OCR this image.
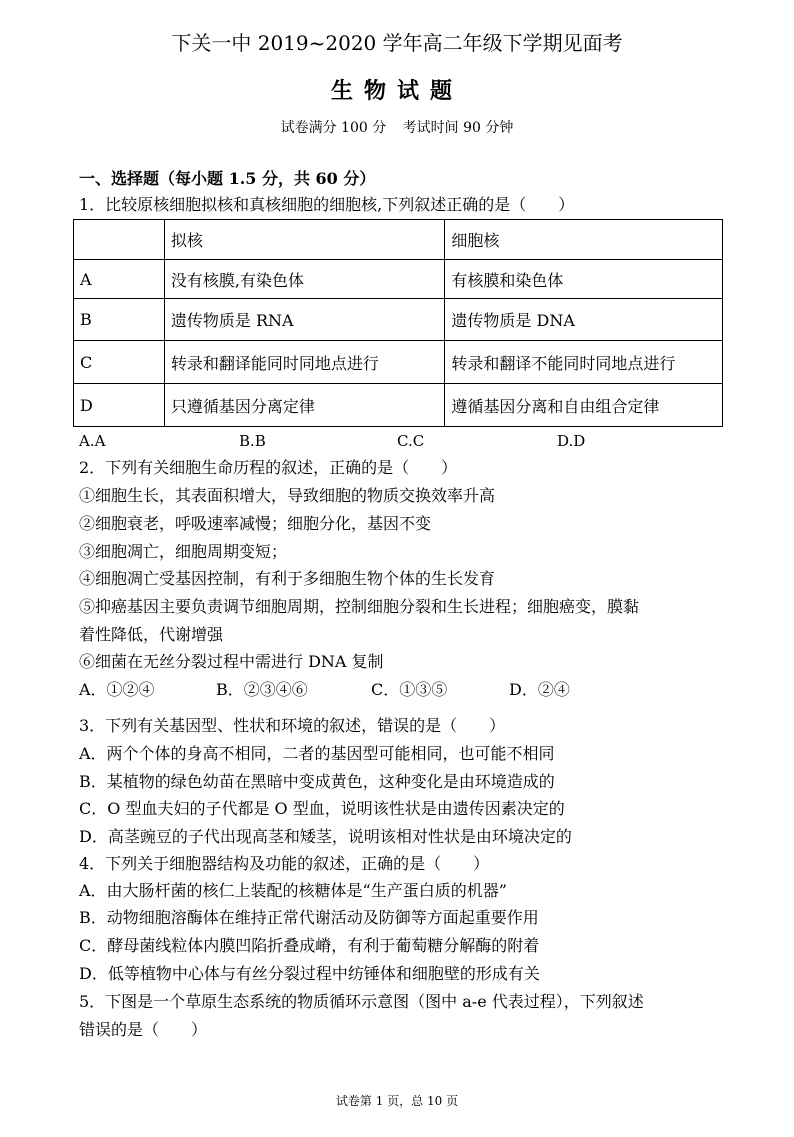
下关一中 2019~2020 学年高二年级下学期见面考
生物试题
试卷满分 100 分 考试时间 90 分钟
一、选择题（每小题 1.5 分，共 60 分）
1．比较原核细胞拟核和真核细胞的细胞核,下列叙述正确的是（　　）
	拟核	细胞核
A	没有核膜,有染色体	有核膜和染色体
B	遗传物质是 RNA	遗传物质是 DNA
C	转录和翻译能同时同地点进行	转录和翻译不能同时同地点进行
D	只遵循基因分离定律	遵循基因分离和自由组合定律
A.A	B.B	C.C	D.D
2．下列有关细胞生命历程的叙述，正确的是（　　）
①细胞生长，其表面积增大，导致细胞的物质交换效率升高
②细胞衰老，呼吸速率减慢；细胞分化，基因不变
③细胞凋亡，细胞周期变短；
④细胞凋亡受基因控制，有利于多细胞生物个体的生长发育
⑤抑癌基因主要负责调节细胞周期，控制细胞分裂和生长进程；细胞癌变，膜黏
着性降低，代谢增强
⑥细菌在无丝分裂过程中需进行 DNA 复制
A．①②④	B．②③④⑥	C．①③⑤	D．②④
3．下列有关基因型、性状和环境的叙述，错误的是（　　）
A．两个个体的身高不相同，二者的基因型可能相同，也可能不相同
B．某植物的绿色幼苗在黑暗中变成黄色，这种变化是由环境造成的
C．O 型血夫妇的子代都是 O 型血，说明该性状是由遗传因素决定的
D．高茎豌豆的子代出现高茎和矮茎，说明该相对性状是由环境决定的
4．下列关于细胞器结构及功能的叙述，正确的是（　　）
A．由大肠杆菌的核仁上装配的核糖体是“生产蛋白质的机器”
B．动物细胞溶酶体在维持正常代谢活动及防御等方面起重要作用
C．酵母菌线粒体内膜凹陷折叠成嵴，有利于葡萄糖分解酶的附着
D．低等植物中心体与有丝分裂过程中纺锤体和细胞壁的形成有关
5．下图是一个草原生态系统的物质循环示意图（图中 a-e 代表过程），下列叙述
错误的是（　　）
试卷第 1 页，总 10 页
